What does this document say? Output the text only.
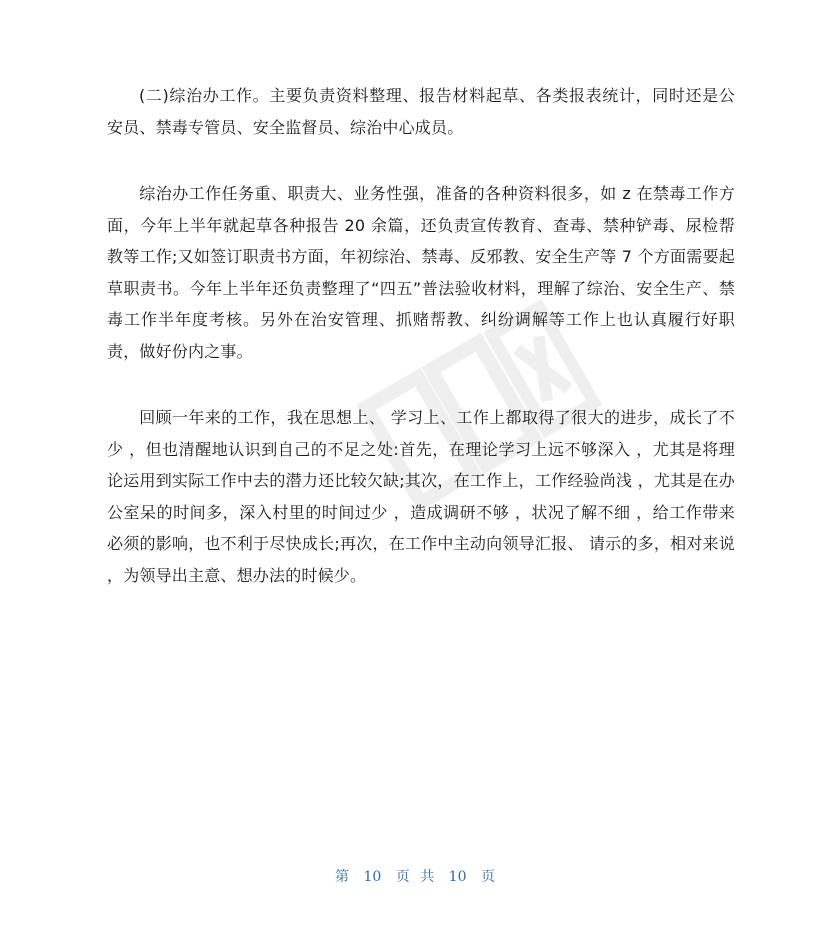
(二)综治办工作。主要负责资料整理、报告材料起草、各类报表统计，同时还是公安员、禁毒专管员、安全监督员、综治中心成员。

综治办工作任务重、职责大、业务性强，准备的各种资料很多，如 z 在禁毒工作方面，今年上半年就起草各种报告 20 余篇，还负责宣传教育、查毒、禁种铲毒、尿检帮教等工作;又如签订职责书方面，年初综治、禁毒、反邪教、安全生产等 7 个方面需要起草职责书。今年上半年还负责整理了“四五”普法验收材料，理解了综治、安全生产、禁毒工作半年度考核。另外在治安管理、抓赌帮教、纠纷调解等工作上也认真履行好职责，做好份内之事。

回顾一年来的工作，我在思想上、 学习上、工作上都取得了很大的进步，成长了不少 ，但也清醒地认识到自己的不足之处:首先，在理论学习上远不够深入 ，尤其是将理论运用到实际工作中去的潜力还比较欠缺;其次，在工作上，工作经验尚浅 ，尤其是在办公室呆的时间多，深入村里的时间过少 ，造成调研不够 ，状况了解不细 ，给工作带来必须的影响，也不利于尽快成长;再次，在工作中主动向领导汇报、 请示的多，相对来说 ，为领导出主意、想办法的时候少。

第 10 页 共 10 页
